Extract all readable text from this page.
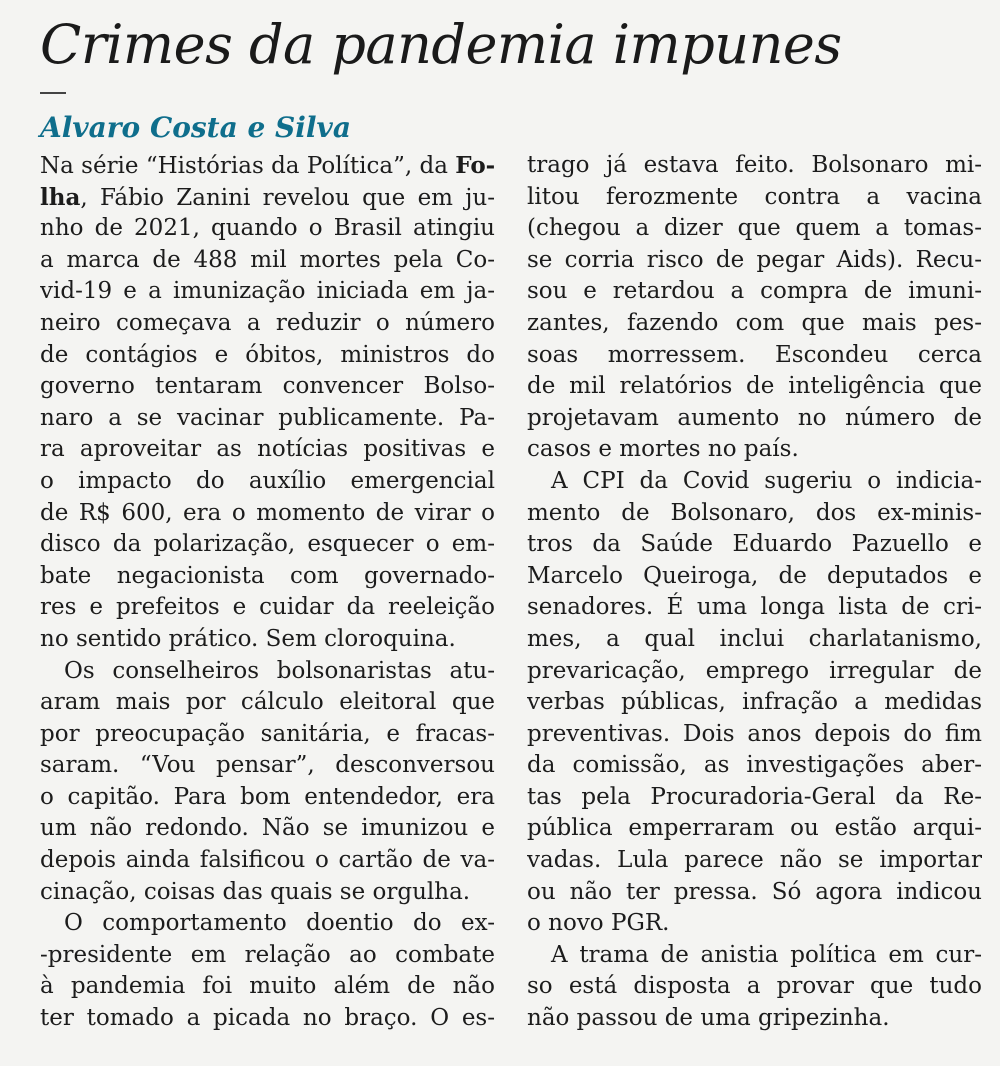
Crimes da pandemia impunes
Alvaro Costa e Silva
Na série “Histórias da Política”, da Fo-
lha, Fábio Zanini revelou que em ju-
nho de 2021, quando o Brasil atingiu
a marca de 488 mil mortes pela Co-
vid-19 e a imunização iniciada em ja-
neiro começava a reduzir o número
de contágios e óbitos, ministros do
governo tentaram convencer Bolso-
naro a se vacinar publicamente. Pa-
ra aproveitar as notícias positivas e
o impacto do auxílio emergencial
de R$ 600, era o momento de virar o
disco da polarização, esquecer o em-
bate negacionista com governado-
res e prefeitos e cuidar da reeleição
no sentido prático. Sem cloroquina.
Os conselheiros bolsonaristas atu-
aram mais por cálculo eleitoral que
por preocupação sanitária, e fracas-
saram. “Vou pensar”, desconversou
o capitão. Para bom entendedor, era
um não redondo. Não se imunizou e
depois ainda falsificou o cartão de va-
cinação, coisas das quais se orgulha.
O comportamento doentio do ex-
-presidente em relação ao combate
à pandemia foi muito além de não
ter tomado a picada no braço. O es-
trago já estava feito. Bolsonaro mi-
litou ferozmente contra a vacina
(chegou a dizer que quem a tomas-
se corria risco de pegar Aids). Recu-
sou e retardou a compra de imuni-
zantes, fazendo com que mais pes-
soas morressem. Escondeu cerca
de mil relatórios de inteligência que
projetavam aumento no número de
casos e mortes no país.
A CPI da Covid sugeriu o indicia-
mento de Bolsonaro, dos ex-minis-
tros da Saúde Eduardo Pazuello e
Marcelo Queiroga, de deputados e
senadores. É uma longa lista de cri-
mes, a qual inclui charlatanismo,
prevaricação, emprego irregular de
verbas públicas, infração a medidas
preventivas. Dois anos depois do fim
da comissão, as investigações aber-
tas pela Procuradoria-Geral da Re-
pública emperraram ou estão arqui-
vadas. Lula parece não se importar
ou não ter pressa. Só agora indicou
o novo PGR.
A trama de anistia política em cur-
so está disposta a provar que tudo
não passou de uma gripezinha.
